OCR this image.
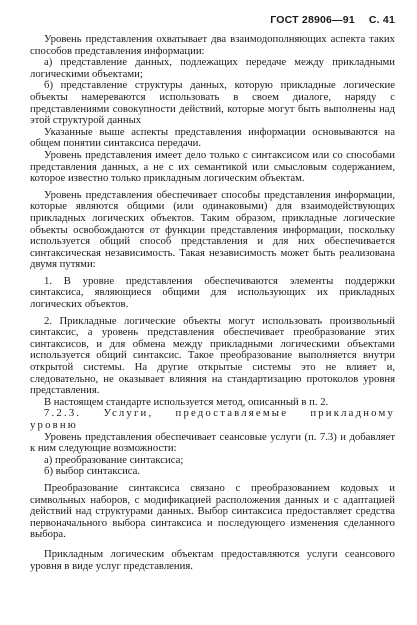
ГОСТ 28906—91 С. 41

Уровень представления охватывает два взаимодополняющих аспекта таких способов представления информации:

а) представление данных, подлежащих передаче между прикладными логическими объектами;

б) представление структуры данных, которую прикладные логические объекты намереваются использовать в своем диалоге, наряду с представлениями совокупности действий, которые могут быть выполнены над этой структурой данных

Указанные выше аспекты представления информации основываются на общем понятии синтаксиса передачи.

Уровень представления имеет дело только с синтаксисом или со способами представления данных, а не с их семантикой или смысловым содержанием, которое известно только прикладным логическим объектам.

Уровень представления обеспечивает способы представления информации, которые являются общими (или одинаковыми) для взаимодействующих прикладных логических объектов. Таким образом, прикладные логические объекты освобождаются от функции представления информации, поскольку используется общий способ представления и для них обеспечивается синтаксическая независимость. Такая независимость может быть реализована двумя путями:

1. В уровне представления обеспечиваются элементы поддержки синтаксиса, являющиеся общими для использующих их прикладных логических объектов.

2. Прикладные логические объекты могут использовать произвольный синтаксис, а уровень представления обеспечивает преобразование этих синтаксисов, и для обмена между прикладными логическими объектами используется общий синтаксис. Такое преобразование выполняется внутри открытой системы. На другие открытые системы это не влияет и, следовательно, не оказывает влияния на стандартизацию протоколов уровня представления.

В настоящем стандарте используется метод, описанный в п. 2.

7.2.3. Услуги, предоставляемые прикладному уровню

Уровень представления обеспечивает сеансовые услуги (п. 7.3) и добавляет к ним следующие возможности:

а) преобразование синтаксиса;

б) выбор синтаксиса.

Преобразование синтаксиса связано с преобразованием кодовых и символьных наборов, с модификацией расположения данных и с адаптацией действий над структурами данных. Выбор синтаксиса предоставляет средства первоначального выбора синтаксиса и последующего изменения сделанного выбора.

Прикладным логическим объектам предоставляются услуги сеансового уровня в виде услуг представления.
